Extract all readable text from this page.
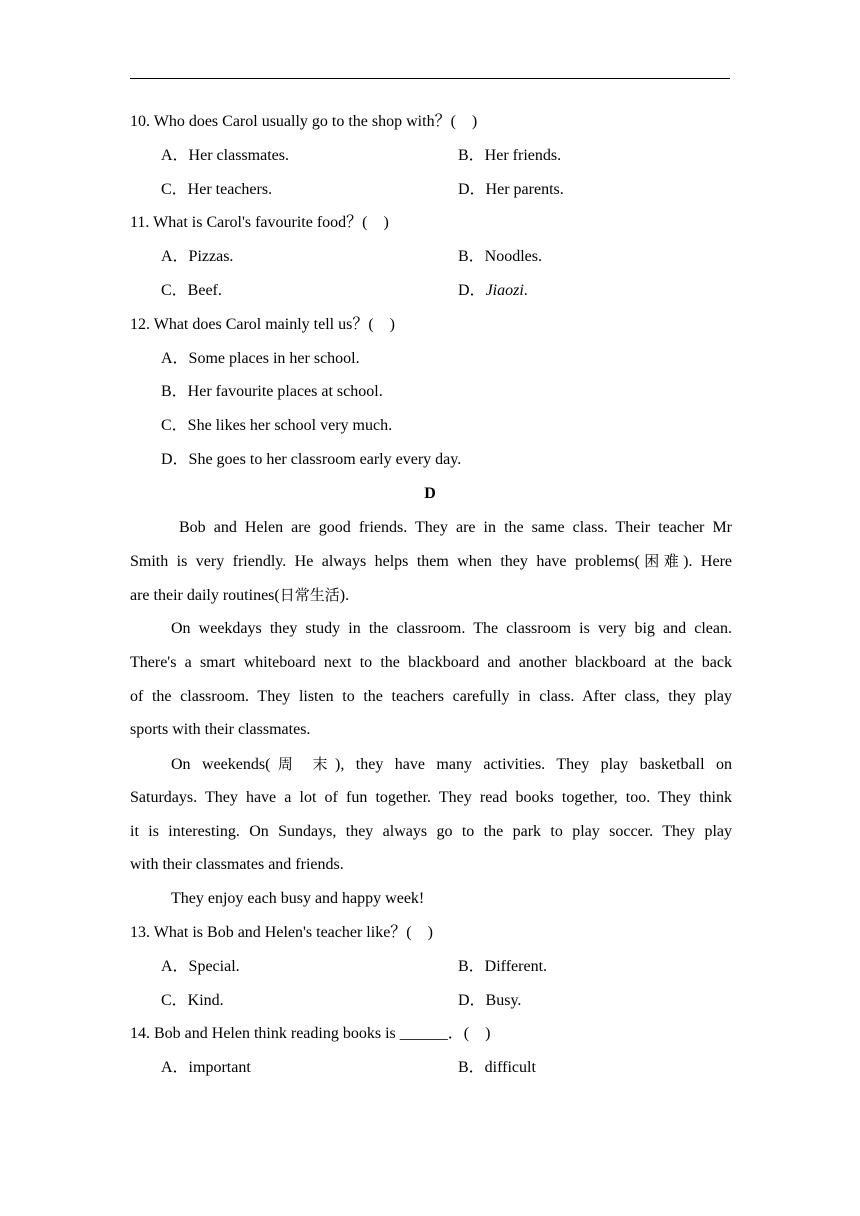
10. Who does Carol usually go to the shop with？(    )
A．Her classmates.	B．Her friends.
C．Her teachers.	D．Her parents.
11. What is Carol's favourite food？(    )
A．Pizzas.	B．Noodles.
C．Beef.	D．Jiaozi.
12. What does Carol mainly tell us？(    )
A．Some places in her school.
B．Her favourite places at school.
C．She likes her school very much.
D．She goes to her classroom early every day.
D
Bob and Helen are good friends. They are in the same class. Their teacher Mr
Smith is very friendly. He always helps them when they have problems(困难). Here
are their daily routines(日常生活).
On weekdays they study in the classroom. The classroom is very big and clean.
There's a smart whiteboard next to the blackboard and another blackboard at the back
of the classroom. They listen to the teachers carefully in class. After class, they play
sports with their classmates.
On weekends(周 末), they have many activities. They play basketball on
Saturdays. They have a lot of fun together. They read books together, too. They think
it is interesting. On Sundays, they always go to the park to play soccer. They play
with their classmates and friends.
They enjoy each busy and happy week!
13. What is Bob and Helen's teacher like？(    )
A．Special.	B．Different.
C．Kind.	D．Busy.
14. Bob and Helen think reading books is ______．(    )
A．important	B．difficult
